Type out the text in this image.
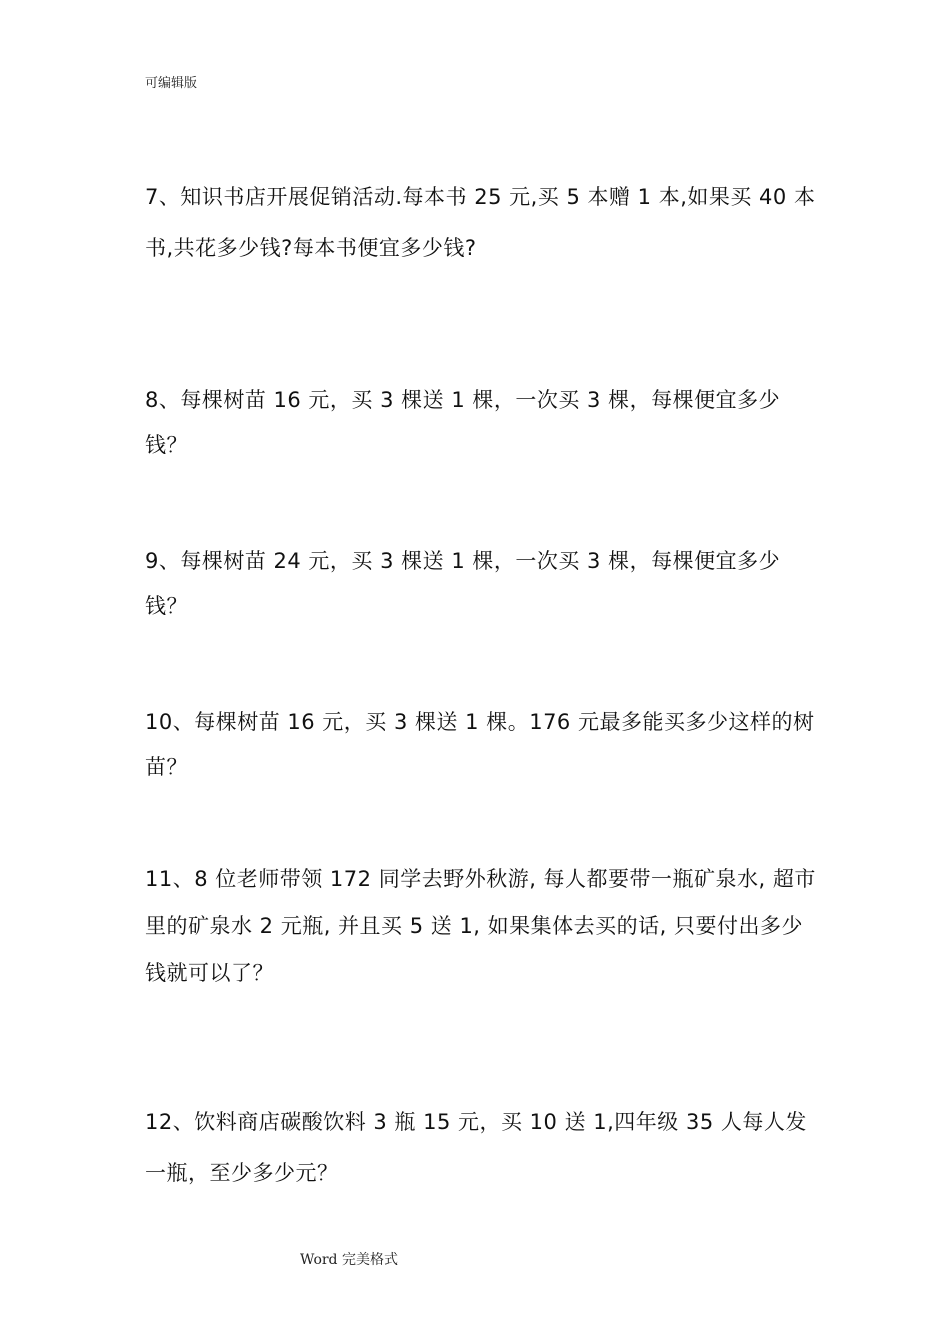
可编辑版
7、知识书店开展促销活动.每本书 25 元,买 5 本赠 1 本,如果买 40 本
书,共花多少钱?每本书便宜多少钱?
8、每棵树苗 16 元，买 3 棵送 1 棵，一次买 3 棵，每棵便宜多少
钱？
9、每棵树苗 24 元，买 3 棵送 1 棵，一次买 3 棵，每棵便宜多少
钱？
10、每棵树苗 16 元，买 3 棵送 1 棵。176 元最多能买多少这样的树
苗？
11、8 位老师带领 172 同学去野外秋游, 每人都要带一瓶矿泉水, 超市
里的矿泉水 2 元瓶, 并且买 5 送 1, 如果集体去买的话, 只要付出多少
钱就可以了？
12、饮料商店碳酸饮料 3 瓶 15 元，买 10 送 1,四年级 35 人每人发
一瓶，至少多少元？
Word 完美格式
